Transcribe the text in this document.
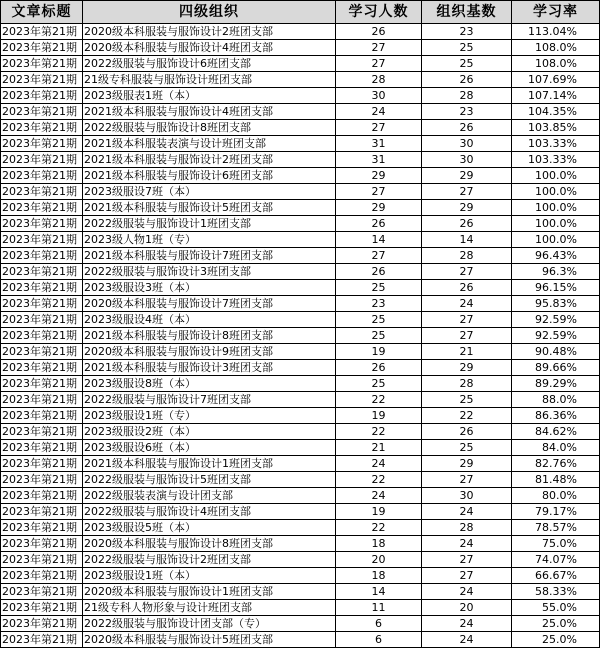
文章标题	四级组织	学习人数	组织基数	学习率
2023年第21期	2020级本科服装与服饰设计2班团支部	26	23	113.04%
2023年第21期	2020级本科服装与服饰设计4班团支部	27	25	108.0%
2023年第21期	2022级服装与服饰设计6班团支部	27	25	108.0%
2023年第21期	21级专科服装与服饰设计班团支部	28	26	107.69%
2023年第21期	2023级服表1班（本）	30	28	107.14%
2023年第21期	2021级本科服装与服饰设计4班团支部	24	23	104.35%
2023年第21期	2022级服装与服饰设计8班团支部	27	26	103.85%
2023年第21期	2021级本科服装表演与设计班团支部	31	30	103.33%
2023年第21期	2021级本科服装与服饰设计2班团支部	31	30	103.33%
2023年第21期	2021级本科服装与服饰设计6班团支部	29	29	100.0%
2023年第21期	2023级服设7班（本）	27	27	100.0%
2023年第21期	2021级本科服装与服饰设计5班团支部	29	29	100.0%
2023年第21期	2022级服装与服饰设计1班团支部	26	26	100.0%
2023年第21期	2023级人物1班（专）	14	14	100.0%
2023年第21期	2021级本科服装与服饰设计7班团支部	27	28	96.43%
2023年第21期	2022级服装与服饰设计3班团支部	26	27	96.3%
2023年第21期	2023级服设3班（本）	25	26	96.15%
2023年第21期	2020级本科服装与服饰设计7班团支部	23	24	95.83%
2023年第21期	2023级服设4班（本）	25	27	92.59%
2023年第21期	2021级本科服装与服饰设计8班团支部	25	27	92.59%
2023年第21期	2020级本科服装与服饰设计9班团支部	19	21	90.48%
2023年第21期	2021级本科服装与服饰设计3班团支部	26	29	89.66%
2023年第21期	2023级服设8班（本）	25	28	89.29%
2023年第21期	2022级服装与服饰设计7班团支部	22	25	88.0%
2023年第21期	2023级服设1班（专）	19	22	86.36%
2023年第21期	2023级服设2班（本）	22	26	84.62%
2023年第21期	2023级服设6班（本）	21	25	84.0%
2023年第21期	2021级本科服装与服饰设计1班团支部	24	29	82.76%
2023年第21期	2022级服装与服饰设计5班团支部	22	27	81.48%
2023年第21期	2022级服装表演与设计团支部	24	30	80.0%
2023年第21期	2022级服装与服饰设计4班团支部	19	24	79.17%
2023年第21期	2023级服设5班（本）	22	28	78.57%
2023年第21期	2020级本科服装与服饰设计8班团支部	18	24	75.0%
2023年第21期	2022级服装与服饰设计2班团支部	20	27	74.07%
2023年第21期	2023级服设1班（本）	18	27	66.67%
2023年第21期	2020级本科服装与服饰设计1班团支部	14	24	58.33%
2023年第21期	21级专科人物形象与设计班团支部	11	20	55.0%
2023年第21期	2022级服装与服饰设计团支部（专）	6	24	25.0%
2023年第21期	2020级本科服装与服饰设计5班团支部	6	24	25.0%
